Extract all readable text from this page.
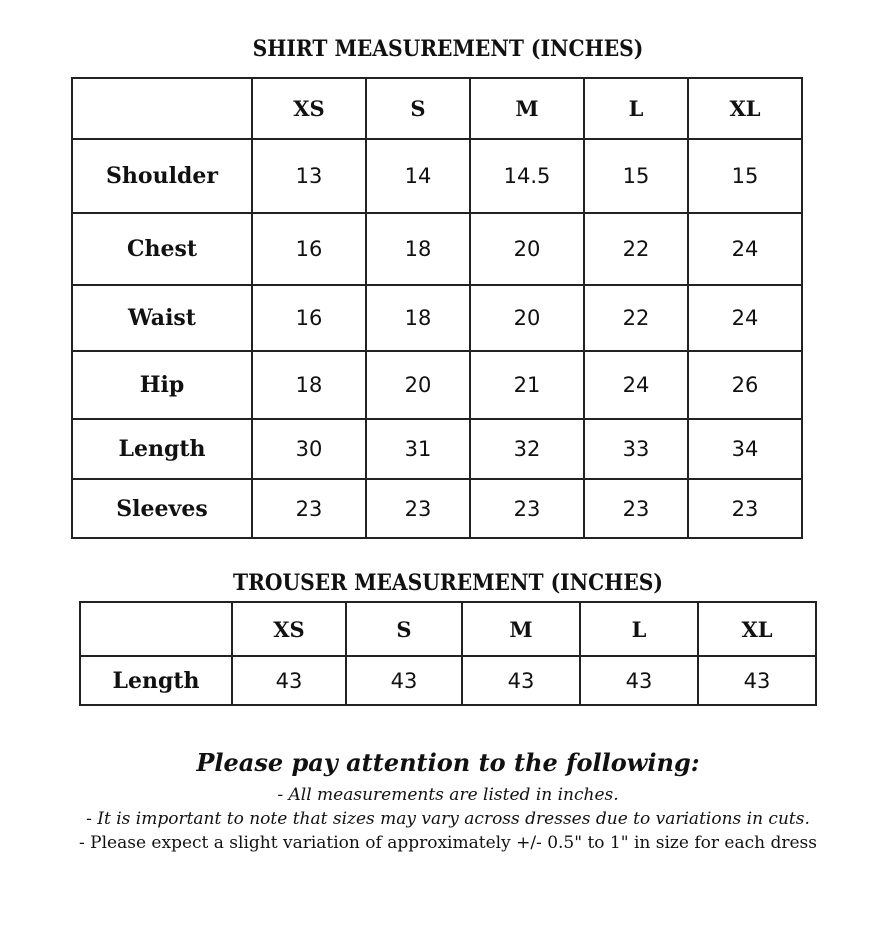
SHIRT MEASUREMENT (INCHES)
	XS	S	M	L	XL
Shoulder	13	14	14.5	15	15
Chest	16	18	20	22	24
Waist	16	18	20	22	24
Hip	18	20	21	24	26
Length	30	31	32	33	34
Sleeves	23	23	23	23	23
TROUSER MEASUREMENT (INCHES)
	XS	S	M	L	XL
Length	43	43	43	43	43
Please pay attention to the following:
- All measurements are listed in inches.
- It is important to note that sizes may vary across dresses due to variations in cuts.
- Please expect a slight variation of approximately +/- 0.5" to 1" in size for each dress
